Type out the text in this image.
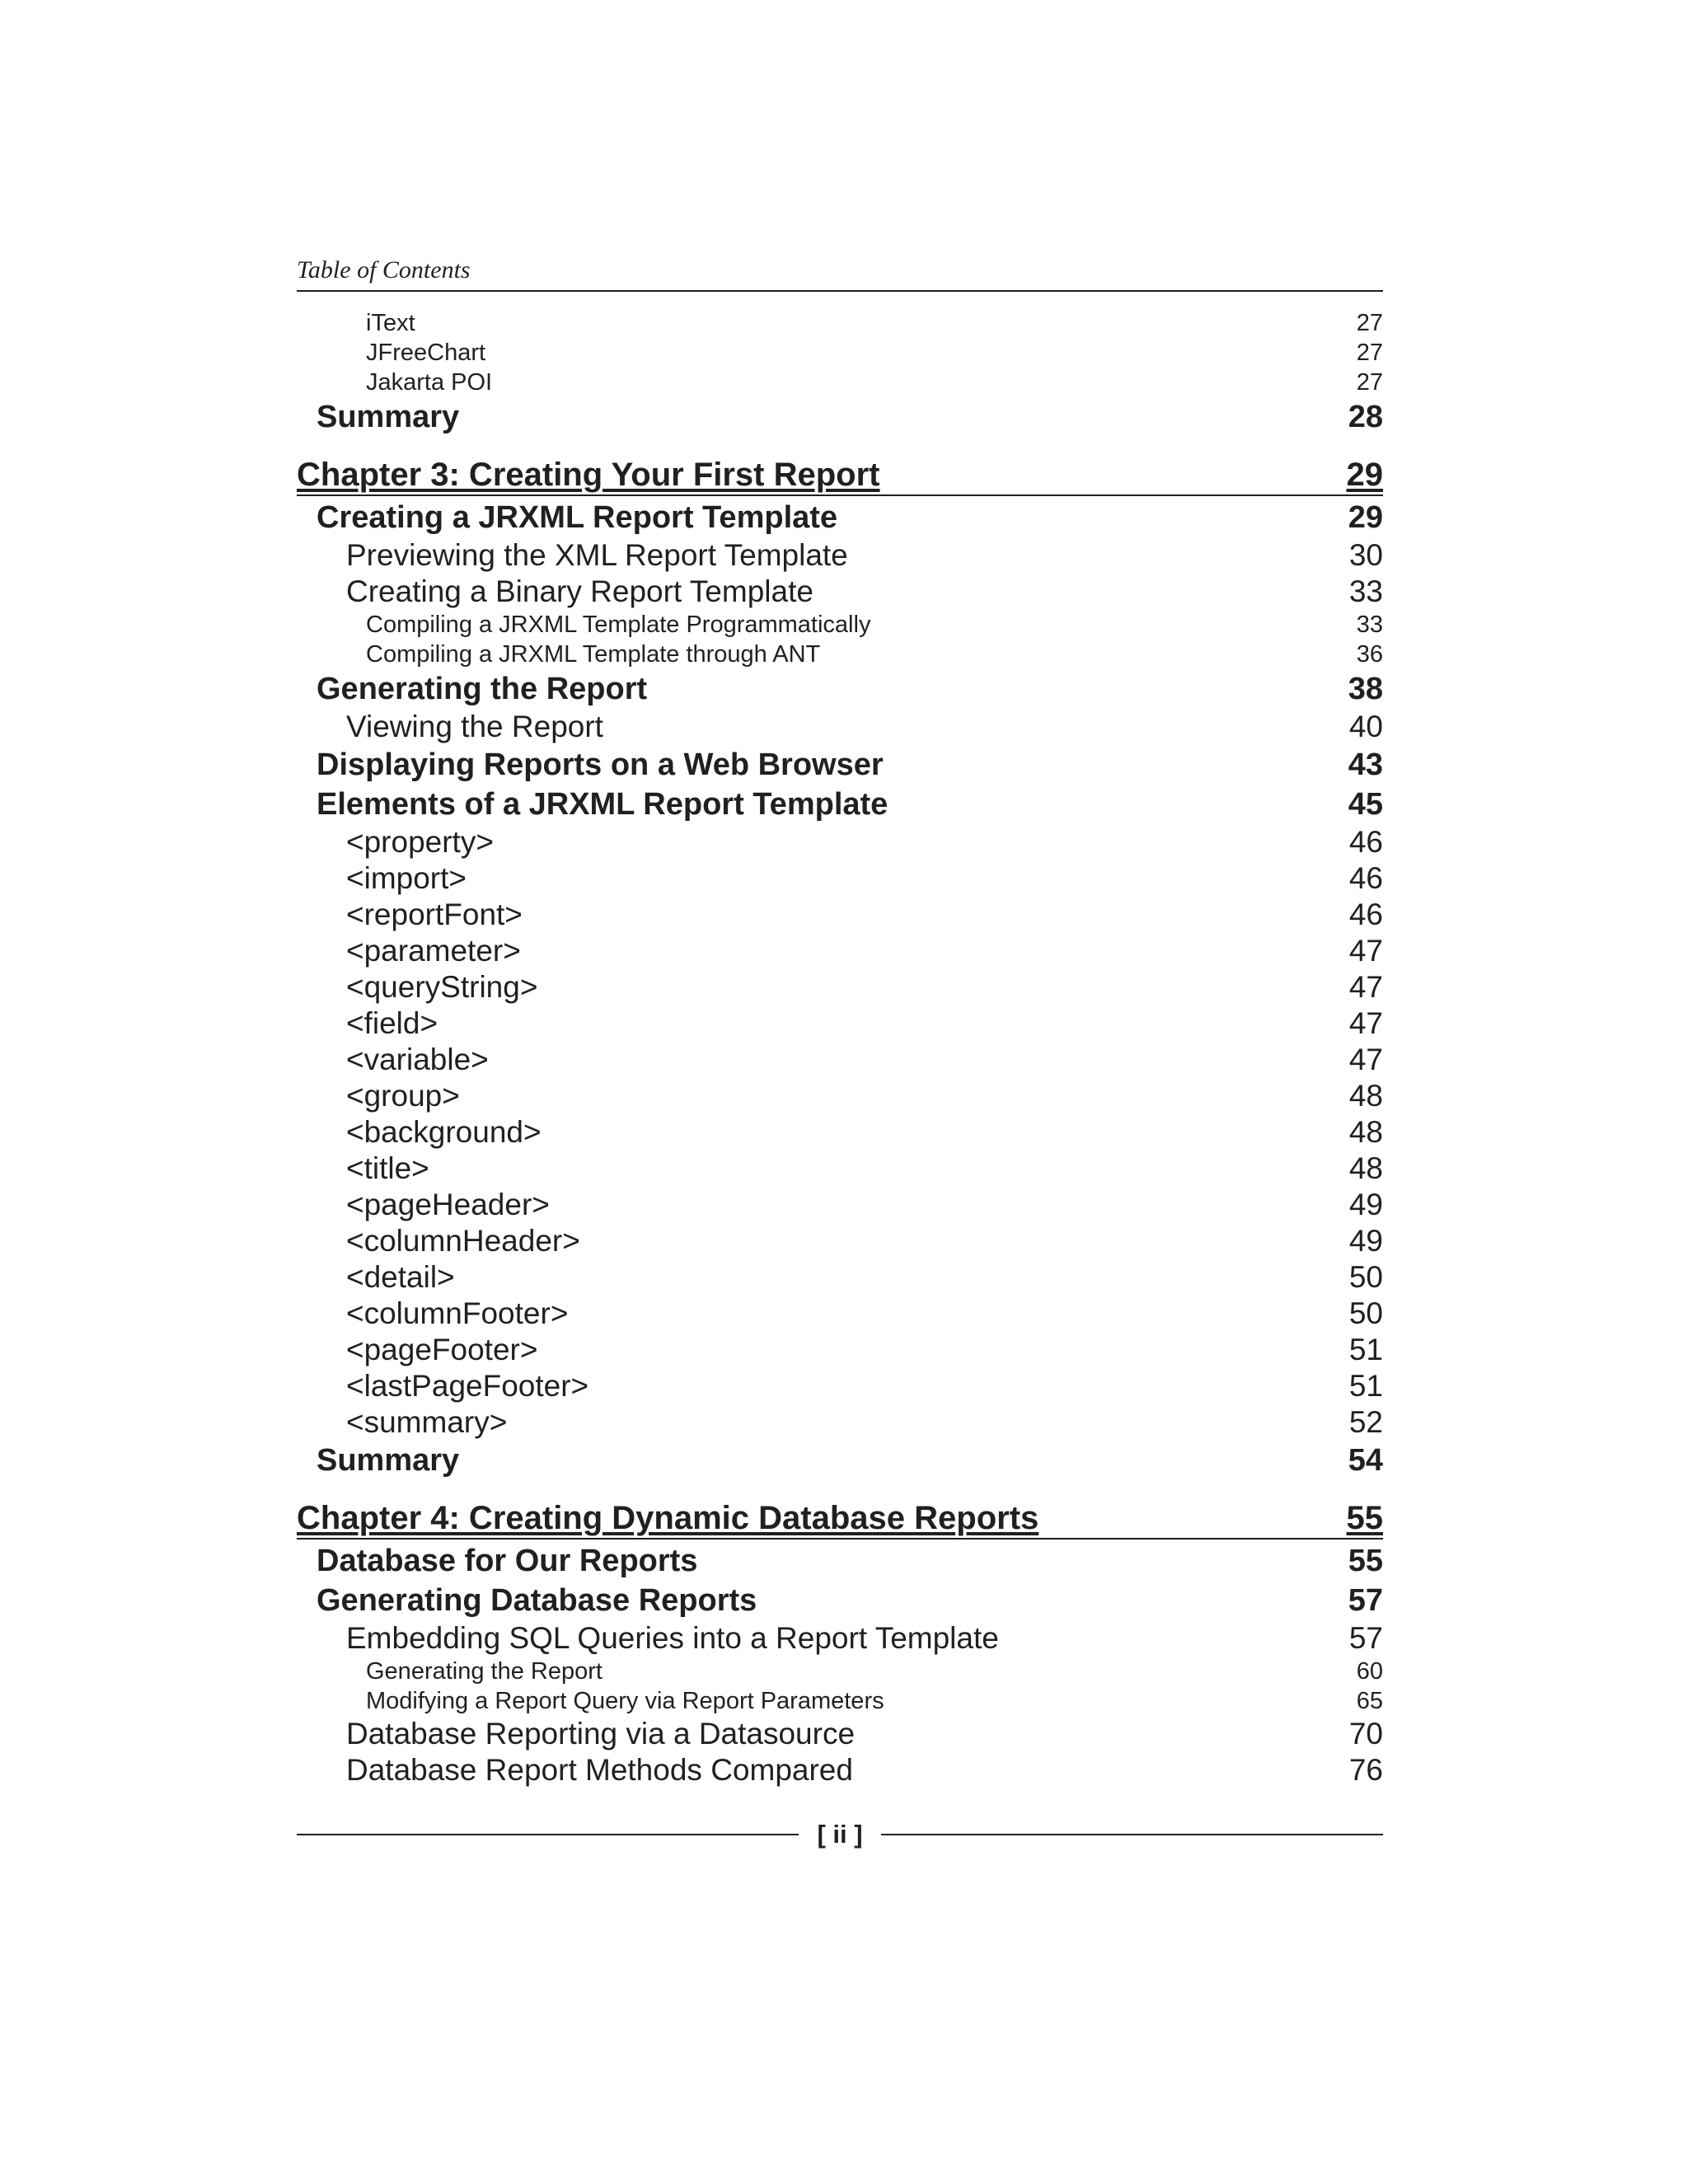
Table of Contents
iText	27
JFreeChart	27
Jakarta POI	27
Summary	28
Chapter 3: Creating Your First Report	29
Creating a JRXML Report Template	29
Previewing the XML Report Template	30
Creating a Binary Report Template	33
Compiling a JRXML Template Programmatically	33
Compiling a JRXML Template through ANT	36
Generating the Report	38
Viewing the Report	40
Displaying Reports on a Web Browser	43
Elements of a JRXML Report Template	45
<property>	46
<import>	46
<reportFont>	46
<parameter>	47
<queryString>	47
<field>	47
<variable>	47
<group>	48
<background>	48
<title>	48
<pageHeader>	49
<columnHeader>	49
<detail>	50
<columnFooter>	50
<pageFooter>	51
<lastPageFooter>	51
<summary>	52
Summary	54
Chapter 4: Creating Dynamic Database Reports	55
Database for Our Reports	55
Generating Database Reports	57
Embedding SQL Queries into a Report Template	57
Generating the Report	60
Modifying a Report Query via Report Parameters	65
Database Reporting via a Datasource	70
Database Report Methods Compared	76
[ ii ]
